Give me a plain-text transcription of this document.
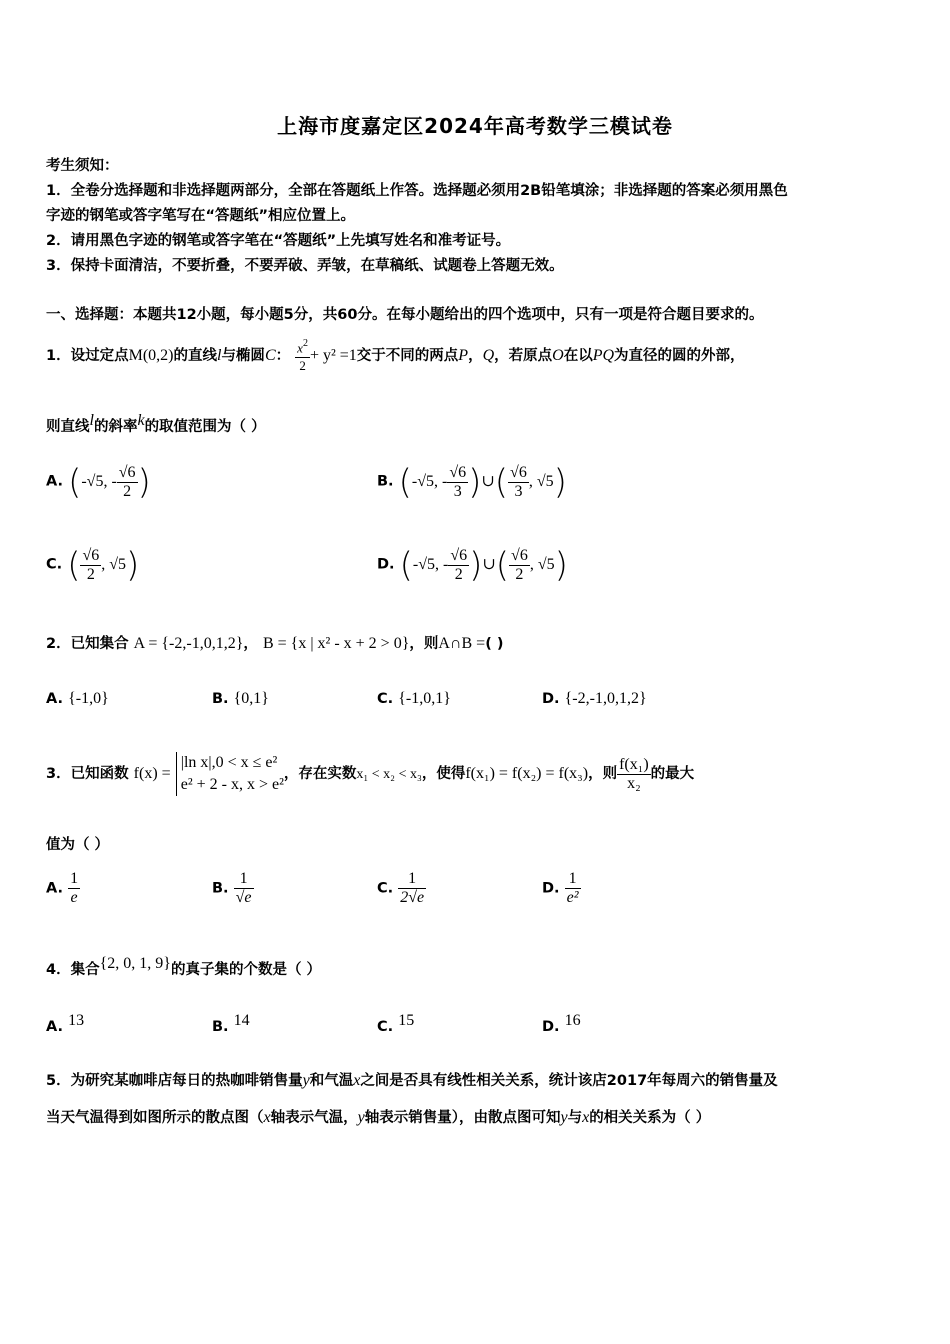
上海市度嘉定区2024年高考数学三模试卷
考生须知：
1．全卷分选择题和非选择题两部分，全部在答题纸上作答。选择题必须用2B铅笔填涂；非选择题的答案必须用黑色
字迹的钢笔或答字笔写在“答题纸”相应位置上。
2．请用黑色字迹的钢笔或答字笔在“答题纸”上先填写姓名和准考证号。
3．保持卡面清洁，不要折叠，不要弄破、弄皱，在草稿纸、试题卷上答题无效。
一、选择题：本题共12小题，每小题5分，共60分。在每小题给出的四个选项中，只有一项是符合题目要求的。
1．设过定点M(0,2)的直线l与椭圆C： $\frac{x^2}{2} + y^2 =1$交于不同的两点P，Q，若原点O在以PQ为直径的圆的外部，
则直线l的斜率k的取值范围为（ ）
A. (-√5, - $\frac{√6}{2}$ )	B. (-√5, - $\frac{√6}{3}$ )∪( $\frac{√6}{3}$ , √5)
C. ( $\frac{√6}{2}$ , √5)	D. (-√5, - $\frac{√6}{2}$ )∪( $\frac{√6}{2}$ , √5)
2．已知集合 A = {-2,-1,0,1,2}， B = {x | x² - x + 2 > 0}，则A∩B =( )
A. {-1,0}	B. {0,1}	C. {-1,0,1}	D. {-2,-1,0,1,2}
3．已知函数 f(x) =
|ln x|,0 < x ≤ e²
e² + 2 - x, x > e²
，存在实数x₁ < x₂ < x₃，使得f(x₁) = f(x₂) = f(x₃)，则 $\frac{\text{f(x₁)}}{\text{x₂}}$ 的最大
值为（ ）
A. $\frac{1}{e}$	B. $\frac{1}{√e}$	C. $\frac{1}{2√e}$	D. $\frac{1}{\text{e²}}$
4．集合{2, 0, 1, 9}的真子集的个数是（ ）
A. 13	B. 14	C. 15	D. 16
5．为研究某咖啡店每日的热咖啡销售量y和气温x之间是否具有线性相关关系，统计该店2017年每周六的销售量及
当天气温得到如图所示的散点图（x轴表示气温，y轴表示销售量），由散点图可知y与x的相关关系为（ ）
